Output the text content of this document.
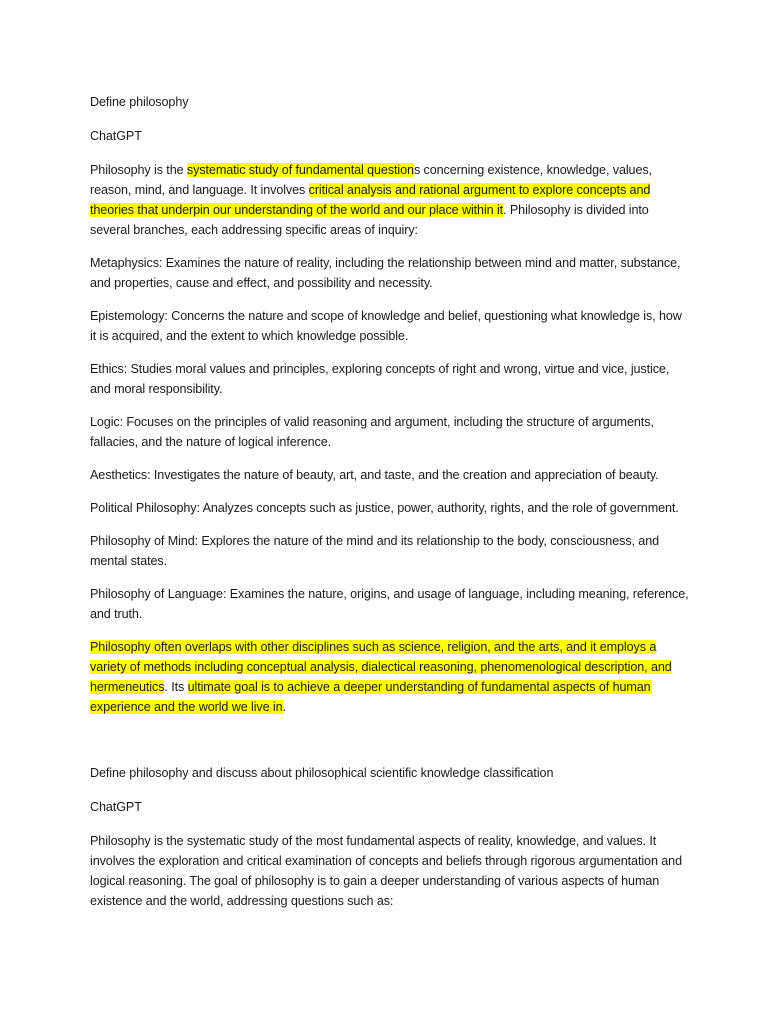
Define philosophy

ChatGPT

Philosophy is the systematic study of fundamental questions concerning existence, knowledge, values, reason, mind, and language. It involves critical analysis and rational argument to explore concepts and theories that underpin our understanding of the world and our place within it. Philosophy is divided into several branches, each addressing specific areas of inquiry:

Metaphysics: Examines the nature of reality, including the relationship between mind and matter, substance, and properties, cause and effect, and possibility and necessity.

Epistemology: Concerns the nature and scope of knowledge and belief, questioning what knowledge is, how it is acquired, and the extent to which knowledge possible.

Ethics: Studies moral values and principles, exploring concepts of right and wrong, virtue and vice, justice, and moral responsibility.

Logic: Focuses on the principles of valid reasoning and argument, including the structure of arguments, fallacies, and the nature of logical inference.

Aesthetics: Investigates the nature of beauty, art, and taste, and the creation and appreciation of beauty.

Political Philosophy: Analyzes concepts such as justice, power, authority, rights, and the role of government.

Philosophy of Mind: Explores the nature of the mind and its relationship to the body, consciousness, and mental states.

Philosophy of Language: Examines the nature, origins, and usage of language, including meaning, reference, and truth.

Philosophy often overlaps with other disciplines such as science, religion, and the arts, and it employs a variety of methods including conceptual analysis, dialectical reasoning, phenomenological description, and hermeneutics. Its ultimate goal is to achieve a deeper understanding of fundamental aspects of human experience and the world we live in.

Define philosophy and discuss about philosophical scientific knowledge classification

ChatGPT

Philosophy is the systematic study of the most fundamental aspects of reality, knowledge, and values. It involves the exploration and critical examination of concepts and beliefs through rigorous argumentation and logical reasoning. The goal of philosophy is to gain a deeper understanding of various aspects of human existence and the world, addressing questions such as:
